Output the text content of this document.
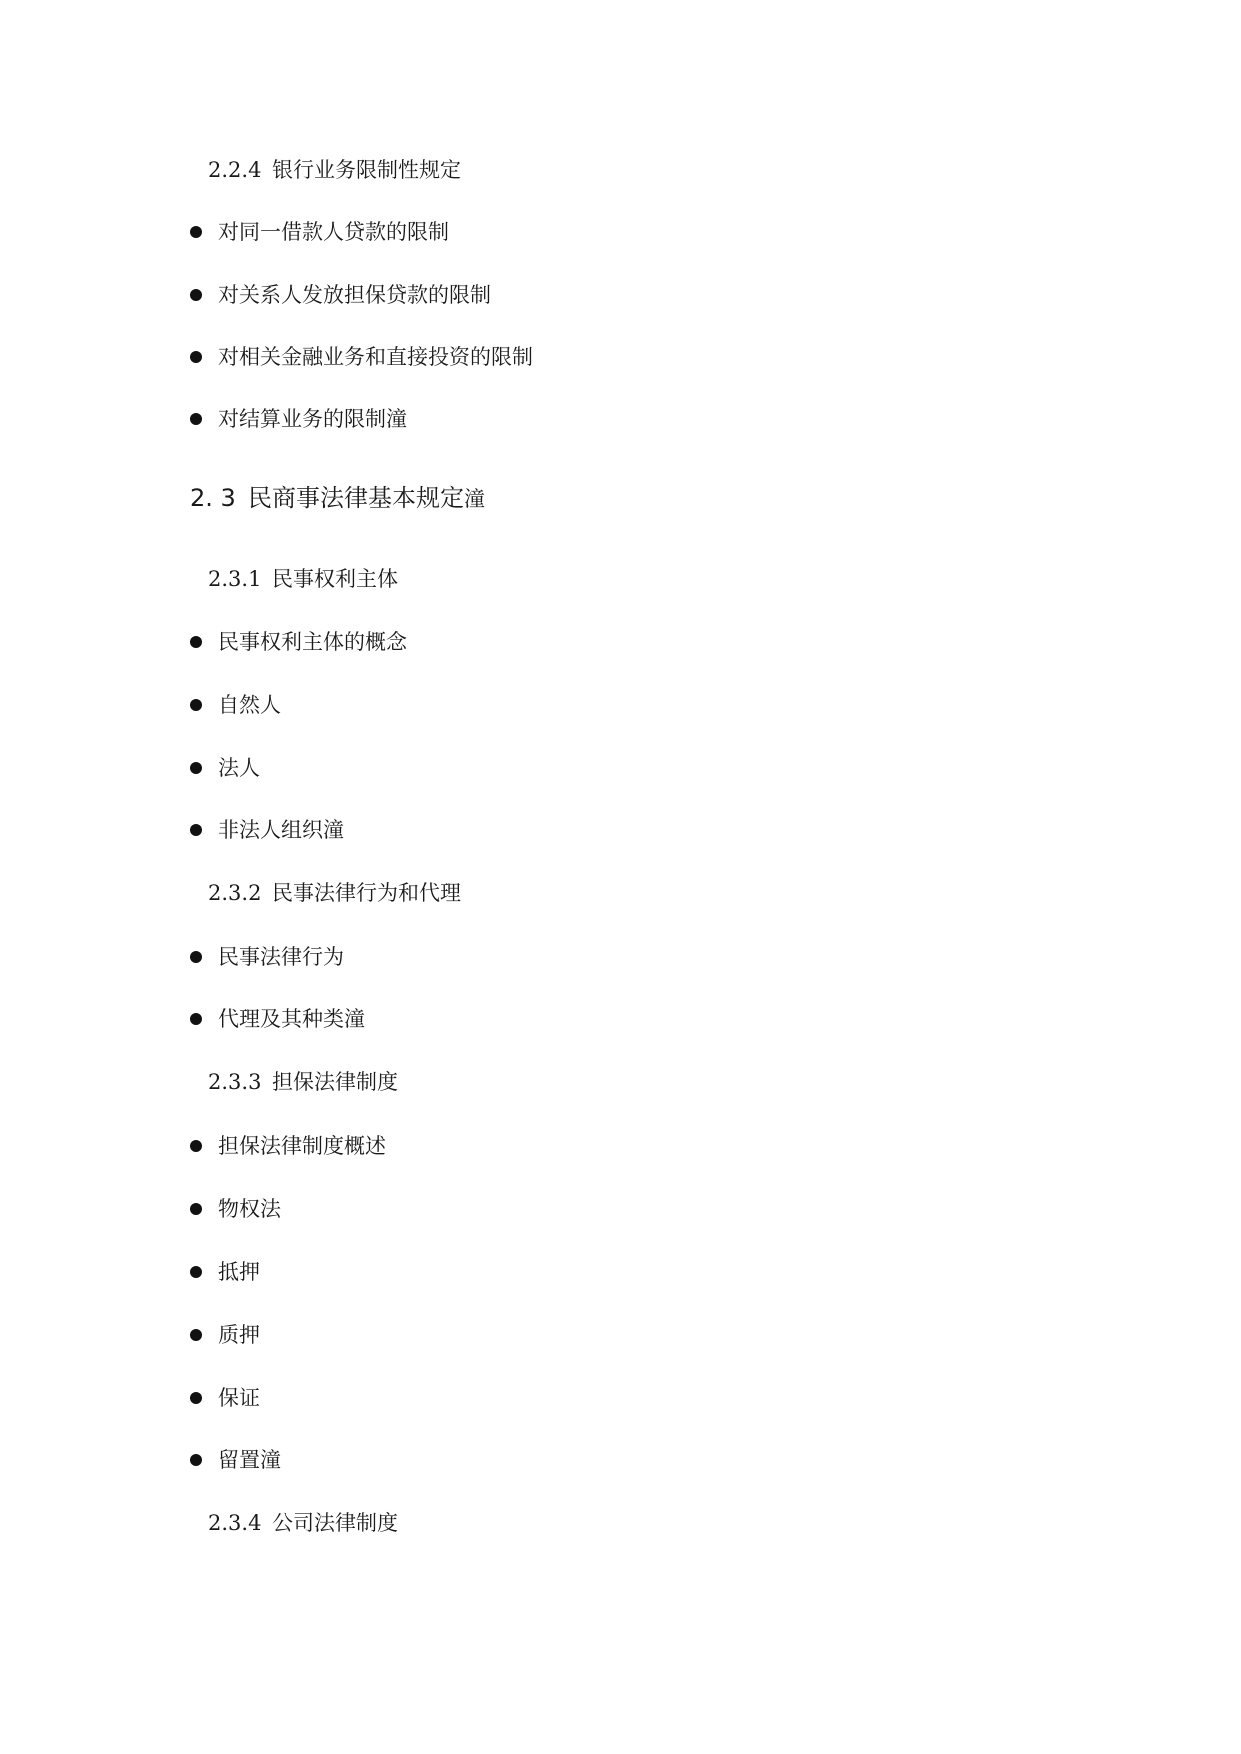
2.2.4 银行业务限制性规定
对同一借款人贷款的限制
对关系人发放担保贷款的限制
对相关金融业务和直接投资的限制
对结算业务的限制潼
2. 3 民商事法律基本规定潼
2.3.1 民事权利主体
民事权利主体的概念
自然人
法人
非法人组织潼
2.3.2 民事法律行为和代理
民事法律行为
代理及其种类潼
2.3.3 担保法律制度
担保法律制度概述
物权法
抵押
质押
保证
留置潼
2.3.4 公司法律制度
